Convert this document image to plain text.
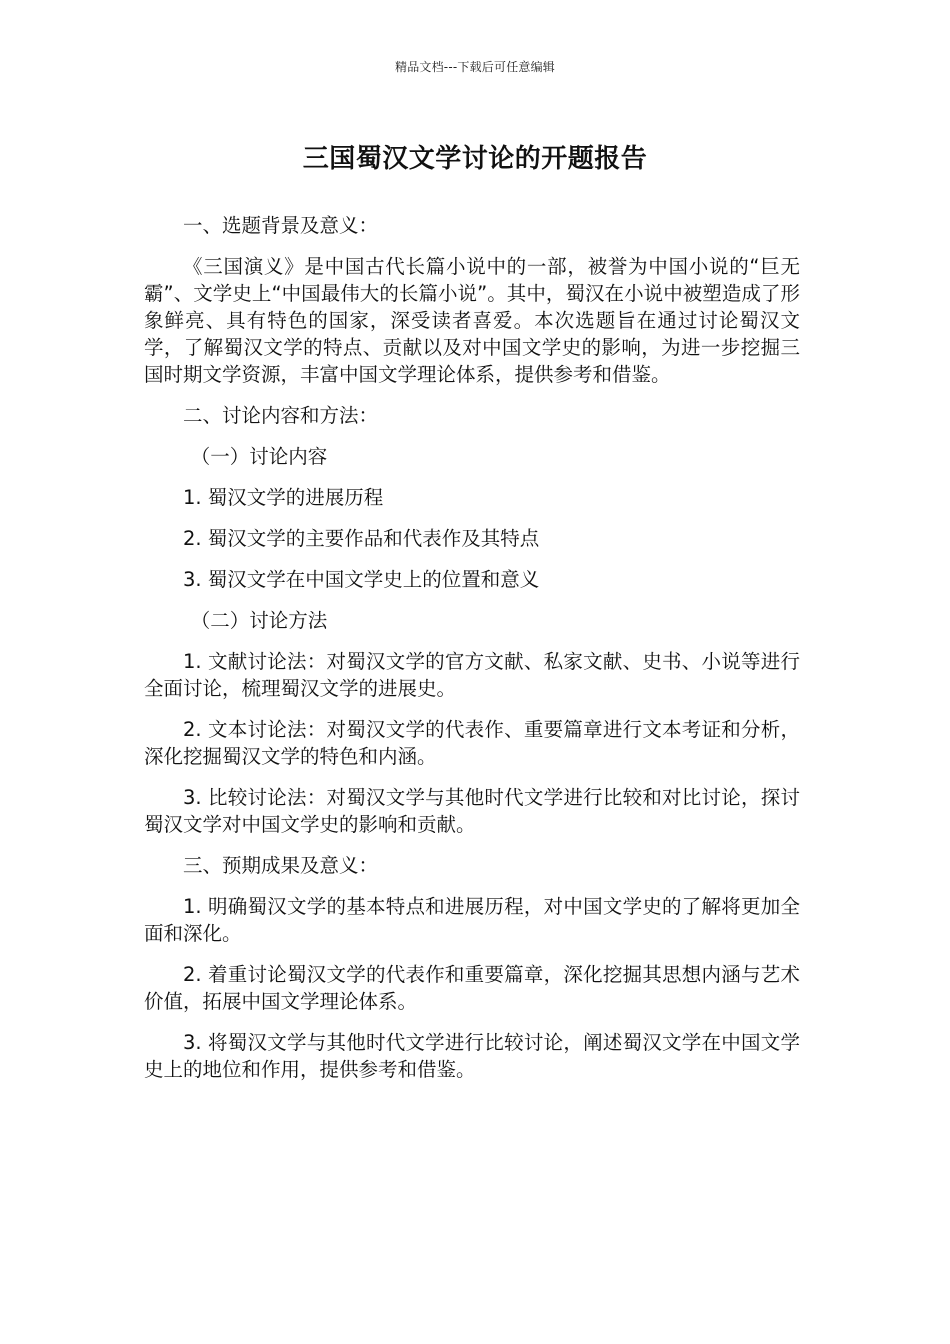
精品文档---下载后可任意编辑
三国蜀汉文学讨论的开题报告

一、选题背景及意义：

《三国演义》是中国古代长篇小说中的一部，被誉为中国小说的“巨无霸”、文学史上“中国最伟大的长篇小说”。其中，蜀汉在小说中被塑造成了形象鲜亮、具有特色的国家，深受读者喜爱。本次选题旨在通过讨论蜀汉文学，了解蜀汉文学的特点、贡献以及对中国文学史的影响，为进一步挖掘三国时期文学资源，丰富中国文学理论体系，提供参考和借鉴。

二、讨论内容和方法：

（一）讨论内容

1. 蜀汉文学的进展历程

2. 蜀汉文学的主要作品和代表作及其特点

3. 蜀汉文学在中国文学史上的位置和意义

（二）讨论方法

1. 文献讨论法：对蜀汉文学的官方文献、私家文献、史书、小说等进行全面讨论，梳理蜀汉文学的进展史。

2. 文本讨论法：对蜀汉文学的代表作、重要篇章进行文本考证和分析，深化挖掘蜀汉文学的特色和内涵。

3. 比较讨论法：对蜀汉文学与其他时代文学进行比较和对比讨论，探讨蜀汉文学对中国文学史的影响和贡献。

三、预期成果及意义：

1. 明确蜀汉文学的基本特点和进展历程，对中国文学史的了解将更加全面和深化。

2. 着重讨论蜀汉文学的代表作和重要篇章，深化挖掘其思想内涵与艺术价值，拓展中国文学理论体系。

3. 将蜀汉文学与其他时代文学进行比较讨论，阐述蜀汉文学在中国文学史上的地位和作用，提供参考和借鉴。
